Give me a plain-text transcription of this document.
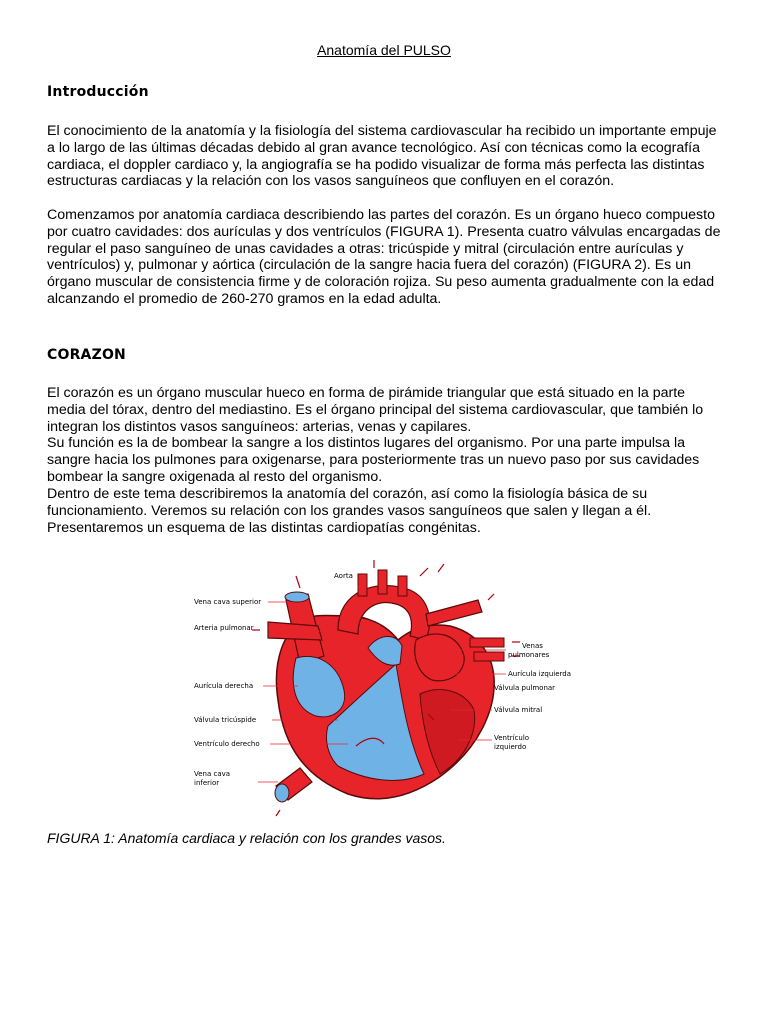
Anatomía del PULSO
Introducción

El conocimiento de la anatomía y la fisiología del sistema cardiovascular ha recibido un importante empuje a lo largo de las últimas décadas debido al gran avance tecnológico. Así con técnicas como la ecografía cardiaca, el doppler cardiaco y, la angiografía se ha podido visualizar de forma más perfecta las distintas estructuras cardiacas y la relación con los vasos sanguíneos que confluyen en el corazón.

Comenzamos por anatomía cardiaca describiendo las partes del corazón. Es un órgano hueco compuesto por cuatro cavidades: dos aurículas y dos ventrículos (FIGURA 1). Presenta cuatro válvulas encargadas de regular el paso sanguíneo de unas cavidades a otras: tricúspide y mitral (circulación entre aurículas y ventrículos) y, pulmonar y aórtica (circulación de la sangre hacia fuera del corazón) (FIGURA 2). Es un órgano muscular de consistencia firme y de coloración rojiza. Su peso aumenta gradualmente con la edad alcanzando el promedio de 260-270 gramos en la edad adulta.

CORAZON

El corazón es un órgano muscular hueco en forma de pirámide triangular que está situado en la parte media del tórax, dentro del mediastino. Es el órgano principal del sistema cardiovascular, que también lo integran los distintos vasos sanguíneos: arterias, venas y capilares.

Su función es la de bombear la sangre a los distintos lugares del organismo. Por una parte impulsa la sangre hacia los pulmones para oxigenarse, para posteriormente tras un nuevo paso por sus cavidades bombear la sangre oxigenada al resto del organismo.

Dentro de este tema describiremos la anatomía del corazón, así como la fisiología básica de su funcionamiento. Veremos su relación con los grandes vasos sanguíneos que salen y llegan a él. Presentaremos un esquema de las distintas cardiopatías congénitas.

Aorta
Vena cava superior
Arteria pulmonar
Aurícula derecha
Válvula tricúspide
Ventrículo derecho
Vena cava
inferior
Venas
pulmonares
Aurícula izquierda
Válvula pulmonar
Válvula mitral
Ventrículo
izquierdo
FIGURA 1: Anatomía cardiaca y relación con los grandes vasos.
